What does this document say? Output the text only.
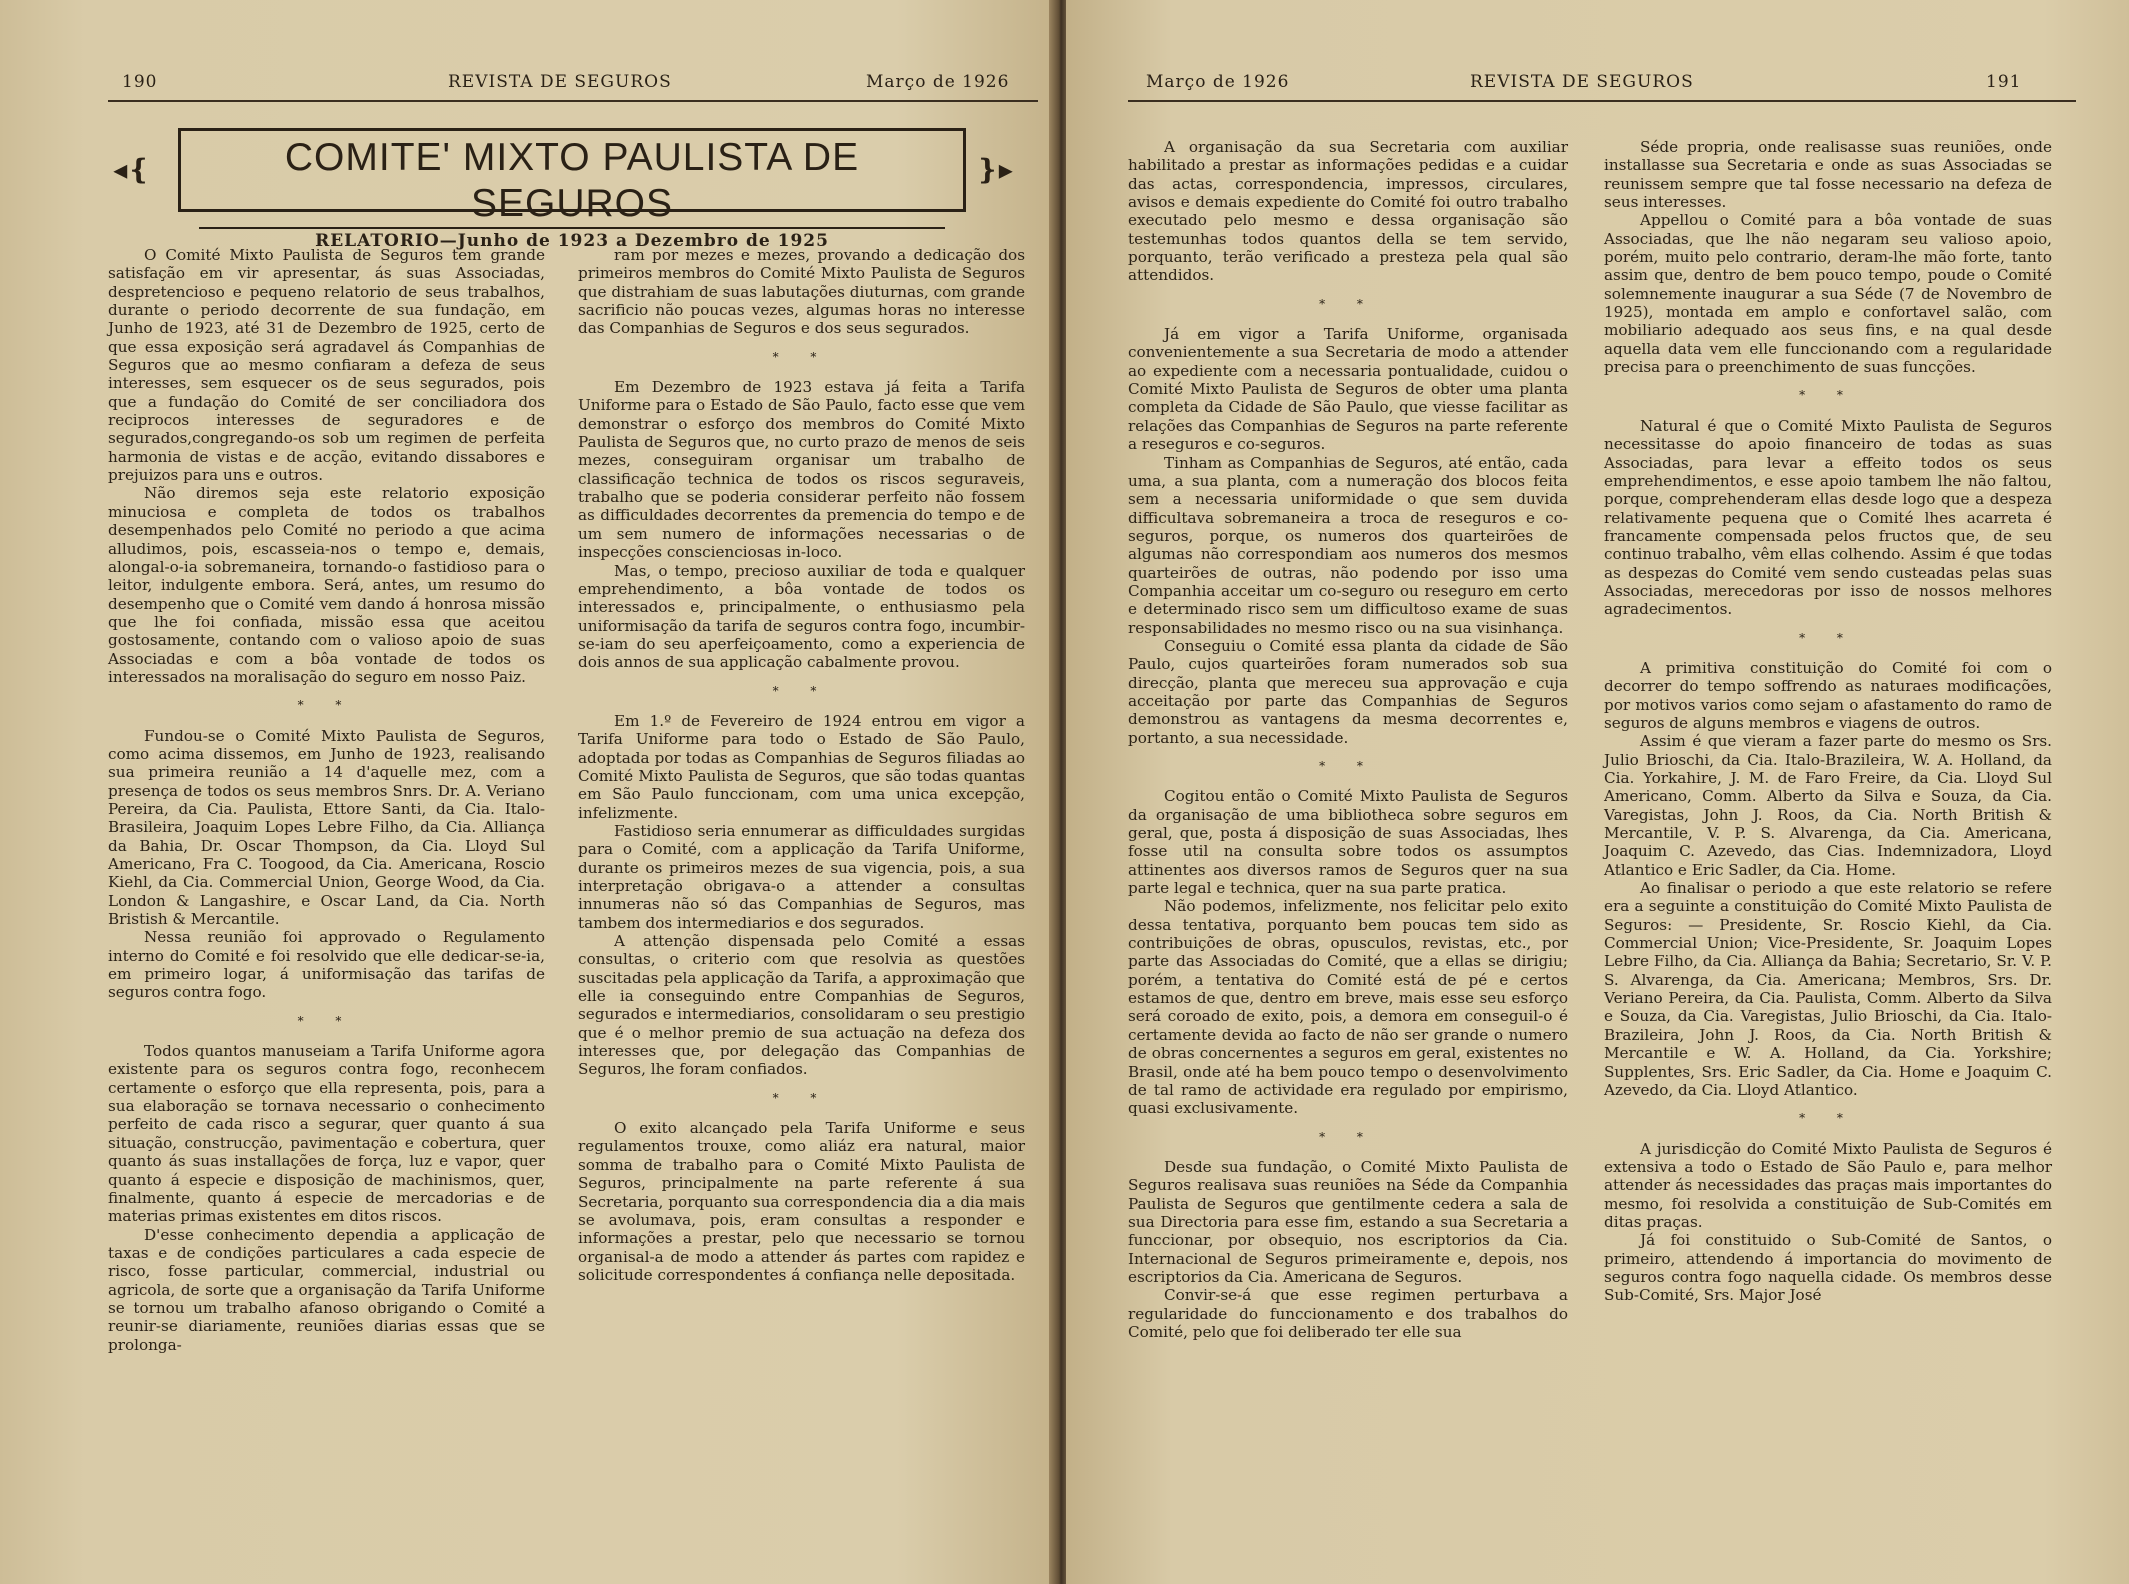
190	REVISTA DE SEGUROS	Março de 1926
◂❴	COMITE' MIXTO PAULISTA DE SEGUROS
RELATORIO—Junho de 1923 a Dezembro de 1925
❵▸

O Comité Mixto Paulista de Seguros tem grande satisfação em vir apresentar, ás suas Associadas, despretencioso e pequeno relatorio de seus trabalhos, durante o periodo decorrente de sua fundação, em Junho de 1923, até 31 de Dezembro de 1925, certo de que essa exposição será agradavel ás Companhias de Seguros que ao mesmo confiaram a defeza de seus interesses, sem esquecer os de seus segurados, pois que a fundação do Comité de ser conciliadora dos reciprocos interesses de seguradores e de segurados,congregando-os sob um regimen de perfeita harmonia de vistas e de acção, evitando dissabores e prejuizos para uns e outros.

Não diremos seja este relatorio exposição minuciosa e completa de todos os trabalhos desempenhados pelo Comité no periodo a que acima alludimos, pois, escasseia-nos o tempo e, demais, alongal-o-ia sobremaneira, tornando-o fastidioso para o leitor, indulgente embora. Será, antes, um resumo do desempenho que o Comité vem dando á honrosa missão que lhe foi confiada, missão essa que aceitou gostosamente, contando com o valioso apoio de suas Associadas e com a bôa vontade de todos os interessados na moralisação do seguro em nosso Paiz.

* *

Fundou-se o Comité Mixto Paulista de Seguros, como acima dissemos, em Junho de 1923, realisando sua primeira reunião a 14 d'aquelle mez, com a presença de todos os seus membros Snrs. Dr. A. Veriano Pereira, da Cia. Paulista, Ettore Santi, da Cia. Italo-Brasileira, Joaquim Lopes Lebre Filho, da Cia. Alliança da Bahia, Dr. Oscar Thompson, da Cia. Lloyd Sul Americano, Fra C. Toogood, da Cia. Americana, Roscio Kiehl, da Cia. Commercial Union, George Wood, da Cia. London & Langashire, e Oscar Land, da Cia. North Bristish & Mercantile.

Nessa reunião foi approvado o Regulamento interno do Comité e foi resolvido que elle dedicar-se-ia, em primeiro logar, á uniformisação das tarifas de seguros contra fogo.

* *

Todos quantos manuseiam a Tarifa Uniforme agora existente para os seguros contra fogo, reconhecem certamente o esforço que ella representa, pois, para a sua elaboração se tornava necessario o conhecimento perfeito de cada risco a segurar, quer quanto á sua situação, construcção, pavimentação e cobertura, quer quanto ás suas installações de força, luz e vapor, quer quanto á especie e disposição de machinismos, quer, finalmente, quanto á especie de mercadorias e de materias primas existentes em ditos riscos.

D'esse conhecimento dependia a applicação de taxas e de condições particulares a cada especie de risco, fosse particular, commercial, industrial ou agricola, de sorte que a organisação da Tarifa Uniforme se tornou um trabalho afanoso obrigando o Comité a reunir-se diariamente, reuniões diarias essas que se prolonga-

ram por mezes e mezes, provando a dedicação dos primeiros membros do Comité Mixto Paulista de Seguros que distrahiam de suas labutações diuturnas, com grande sacrificio não poucas vezes, algumas horas no interesse das Companhias de Seguros e dos seus segurados.

* *

Em Dezembro de 1923 estava já feita a Tarifa Uniforme para o Estado de São Paulo, facto esse que vem demonstrar o esforço dos membros do Comité Mixto Paulista de Seguros que, no curto prazo de menos de seis mezes, conseguiram organisar um trabalho de classificação technica de todos os riscos seguraveis, trabalho que se poderia considerar perfeito não fossem as difficuldades decorrentes da premencia do tempo e de um sem numero de informações necessarias o de inspecções conscienciosas in-loco.

Mas, o tempo, precioso auxiliar de toda e qualquer emprehendimento, a bôa vontade de todos os interessados e, principalmente, o enthusiasmo pela uniformisação da tarifa de seguros contra fogo, incumbir-se-iam do seu aperfeiçoamento, como a experiencia de dois annos de sua applicação cabalmente provou.

* *

Em 1.º de Fevereiro de 1924 entrou em vigor a Tarifa Uniforme para todo o Estado de São Paulo, adoptada por todas as Companhias de Seguros filiadas ao Comité Mixto Paulista de Seguros, que são todas quantas em São Paulo funccionam, com uma unica excepção, infelizmente.

Fastidioso seria ennumerar as difficuldades surgidas para o Comité, com a applicação da Tarifa Uniforme, durante os primeiros mezes de sua vigencia, pois, a sua interpretação obrigava-o a attender a consultas innumeras não só das Companhias de Seguros, mas tambem dos intermediarios e dos segurados.

A attenção dispensada pelo Comité a essas consultas, o criterio com que resolvia as questões suscitadas pela applicação da Tarifa, a approximação que elle ia conseguindo entre Companhias de Seguros, segurados e intermediarios, consolidaram o seu prestigio que é o melhor premio de sua actuação na defeza dos interesses que, por delegação das Companhias de Seguros, lhe foram confiados.

* *

O exito alcançado pela Tarifa Uniforme e seus regulamentos trouxe, como aliáz era natural, maior somma de trabalho para o Comité Mixto Paulista de Seguros, principalmente na parte referente á sua Secretaria, porquanto sua correspondencia dia a dia mais se avolumava, pois, eram consultas a responder e informações a prestar, pelo que necessario se tornou organisal-a de modo a attender ás partes com rapidez e solicitude correspondentes á confiança nelle depositada.

Março de 1926	REVISTA DE SEGUROS	191

A organisação da sua Secretaria com auxiliar habilitado a prestar as informações pedidas e a cuidar das actas, correspondencia, impressos, circulares, avisos e demais expediente do Comité foi outro trabalho executado pelo mesmo e dessa organisação são testemunhas todos quantos della se tem servido, porquanto, terão verificado a presteza pela qual são attendidos.

* *

Já em vigor a Tarifa Uniforme, organisada convenientemente a sua Secretaria de modo a attender ao expediente com a necessaria pontualidade, cuidou o Comité Mixto Paulista de Seguros de obter uma planta completa da Cidade de São Paulo, que viesse facilitar as relações das Companhias de Seguros na parte referente a reseguros e co-seguros.

Tinham as Companhias de Seguros, até então, cada uma, a sua planta, com a numeração dos blocos feita sem a necessaria uniformidade o que sem duvida difficultava sobremaneira a troca de reseguros e co-seguros, porque, os numeros dos quarteirões de algumas não correspondiam aos numeros dos mesmos quarteirões de outras, não podendo por isso uma Companhia acceitar um co-seguro ou reseguro em certo e determinado risco sem um difficultoso exame de suas responsabilidades no mesmo risco ou na sua visinhança.

Conseguiu o Comité essa planta da cidade de São Paulo, cujos quarteirões foram numerados sob sua direcção, planta que mereceu sua approvação e cuja acceitação por parte das Companhias de Seguros demonstrou as vantagens da mesma decorrentes e, portanto, a sua necessidade.

* *

Cogitou então o Comité Mixto Paulista de Seguros da organisação de uma bibliotheca sobre seguros em geral, que, posta á disposição de suas Associadas, lhes fosse util na consulta sobre todos os assumptos attinentes aos diversos ramos de Seguros quer na sua parte legal e technica, quer na sua parte pratica.

Não podemos, infelizmente, nos felicitar pelo exito dessa tentativa, porquanto bem poucas tem sido as contribuições de obras, opusculos, revistas, etc., por parte das Associadas do Comité, que a ellas se dirigiu; porém, a tentativa do Comité está de pé e certos estamos de que, dentro em breve, mais esse seu esforço será coroado de exito, pois, a demora em conseguil-o é certamente devida ao facto de não ser grande o numero de obras concernentes a seguros em geral, existentes no Brasil, onde até ha bem pouco tempo o desenvolvimento de tal ramo de actividade era regulado por empirismo, quasi exclusivamente.

* *

Desde sua fundação, o Comité Mixto Paulista de Seguros realisava suas reuniões na Séde da Companhia Paulista de Seguros que gentilmente cedera a sala de sua Directoria para esse fim, estando a sua Secretaria a funccionar, por obsequio, nos escriptorios da Cia. Internacional de Seguros primeiramente e, depois, nos escriptorios da Cia. Americana de Seguros.

Convir-se-á que esse regimen perturbava a regularidade do funccionamento e dos trabalhos do Comité, pelo que foi deliberado ter elle sua

Séde propria, onde realisasse suas reuniões, onde installasse sua Secretaria e onde as suas Associadas se reunissem sempre que tal fosse necessario na defeza de seus interesses.

Appellou o Comité para a bôa vontade de suas Associadas, que lhe não negaram seu valioso apoio, porém, muito pelo contrario, deram-lhe mão forte, tanto assim que, dentro de bem pouco tempo, poude o Comité solemnemente inaugurar a sua Séde (7 de Novembro de 1925), montada em amplo e confortavel salão, com mobiliario adequado aos seus fins, e na qual desde aquella data vem elle funccionando com a regularidade precisa para o preenchimento de suas funcções.

* *

Natural é que o Comité Mixto Paulista de Seguros necessitasse do apoio financeiro de todas as suas Associadas, para levar a effeito todos os seus emprehendimentos, e esse apoio tambem lhe não faltou, porque, comprehenderam ellas desde logo que a despeza relativamente pequena que o Comité lhes acarreta é francamente compensada pelos fructos que, de seu continuo trabalho, vêm ellas colhendo. Assim é que todas as despezas do Comité vem sendo custeadas pelas suas Associadas, merecedoras por isso de nossos melhores agradecimentos.

* *

A primitiva constituição do Comité foi com o decorrer do tempo soffrendo as naturaes modificações, por motivos varios como sejam o afastamento do ramo de seguros de alguns membros e viagens de outros.

Assim é que vieram a fazer parte do mesmo os Srs. Julio Brioschi, da Cia. Italo-Brazileira, W. A. Holland, da Cia. Yorkahire, J. M. de Faro Freire, da Cia. Lloyd Sul Americano, Comm. Alberto da Silva e Souza, da Cia. Varegistas, John J. Roos, da Cia. North British & Mercantile, V. P. S. Alvarenga, da Cia. Americana, Joaquim C. Azevedo, das Cias. Indemnizadora, Lloyd Atlantico e Eric Sadler, da Cia. Home.

Ao finalisar o periodo a que este relatorio se refere era a seguinte a constituição do Comité Mixto Paulista de Seguros: — Presidente, Sr. Roscio Kiehl, da Cia. Commercial Union; Vice-Presidente, Sr. Joaquim Lopes Lebre Filho, da Cia. Alliança da Bahia; Secretario, Sr. V. P. S. Alvarenga, da Cia. Americana; Membros, Srs. Dr. Veriano Pereira, da Cia. Paulista, Comm. Alberto da Silva e Souza, da Cia. Varegistas, Julio Brioschi, da Cia. Italo-Brazileira, John J. Roos, da Cia. North British & Mercantile e W. A. Holland, da Cia. Yorkshire; Supplentes, Srs. Eric Sadler, da Cia. Home e Joaquim C. Azevedo, da Cia. Lloyd Atlantico.

* *

A jurisdicção do Comité Mixto Paulista de Seguros é extensiva a todo o Estado de São Paulo e, para melhor attender ás necessidades das praças mais importantes do mesmo, foi resolvida a constituição de Sub-Comités em ditas praças.

Já foi constituido o Sub-Comité de Santos, o primeiro, attendendo á importancia do movimento de seguros contra fogo naquella cidade. Os membros desse Sub-Comité, Srs. Major José
